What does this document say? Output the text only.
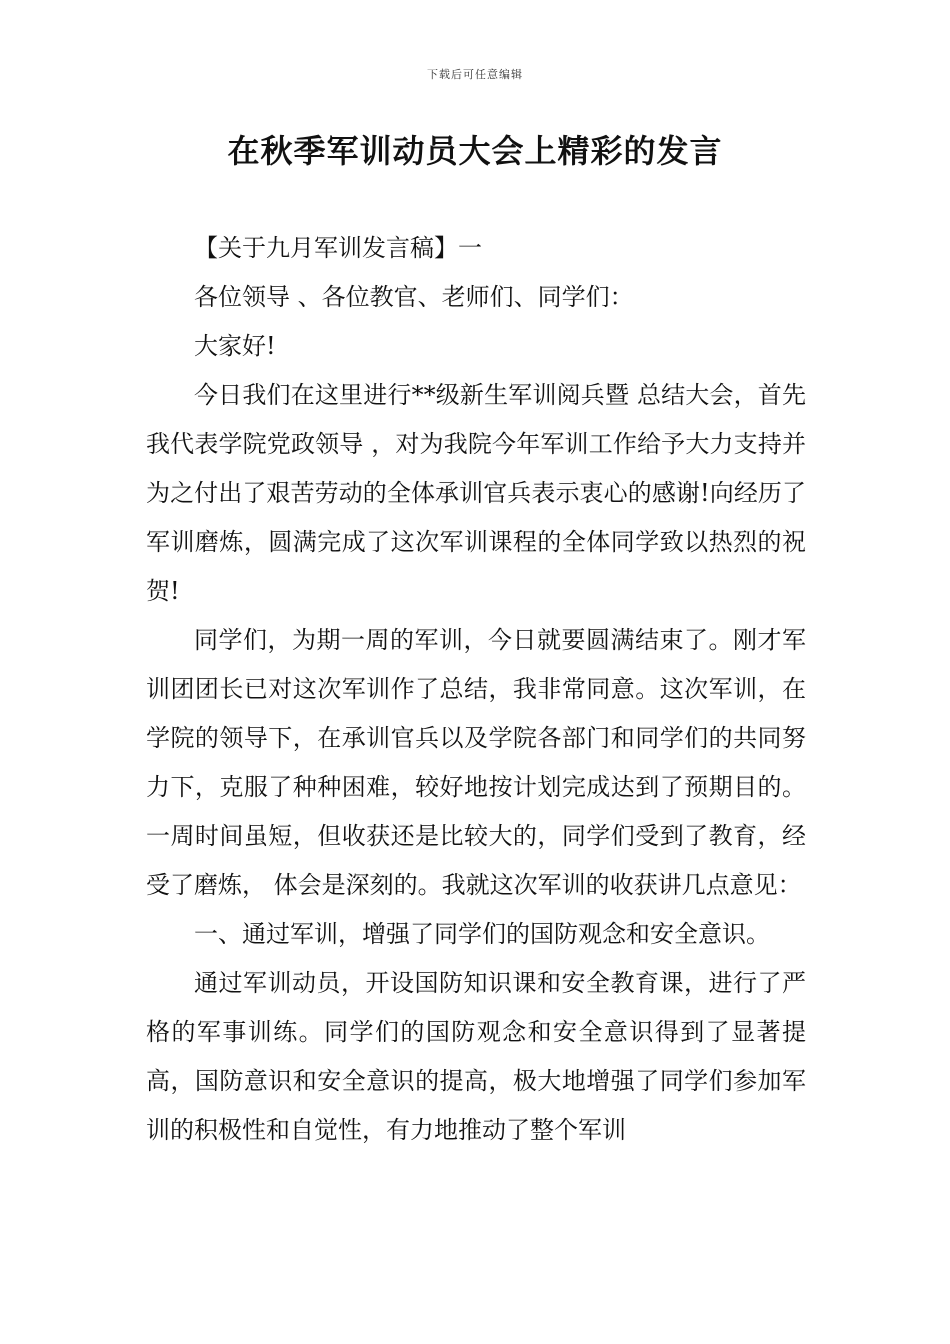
下载后可任意编辑
在秋季军训动员大会上精彩的发言

【关于九月军训发言稿】一

各位领导 、各位教官、老师们、同学们：

大家好!

今日我们在这里进行**级新生军训阅兵暨 总结大会，首先我代表学院党政领导 ，对为我院今年军训工作给予大力支持并为之付出了艰苦劳动的全体承训官兵表示衷心的感谢!向经历了军训磨炼，圆满完成了这次军训课程的全体同学致以热烈的祝贺!

同学们，为期一周的军训，今日就要圆满结束了。刚才军训团团长已对这次军训作了总结，我非常同意。这次军训，在学院的领导下，在承训官兵以及学院各部门和同学们的共同努力下，克服了种种困难，较好地按计划完成达到了预期目的。一周时间虽短，但收获还是比较大的，同学们受到了教育，经受了磨炼， 体会是深刻的。我就这次军训的收获讲几点意见：

一、通过军训，增强了同学们的国防观念和安全意识。

通过军训动员，开设国防知识课和安全教育课，进行了严格的军事训练。同学们的国防观念和安全意识得到了显著提高，国防意识和安全意识的提高，极大地增强了同学们参加军训的积极性和自觉性，有力地推动了整个军训
